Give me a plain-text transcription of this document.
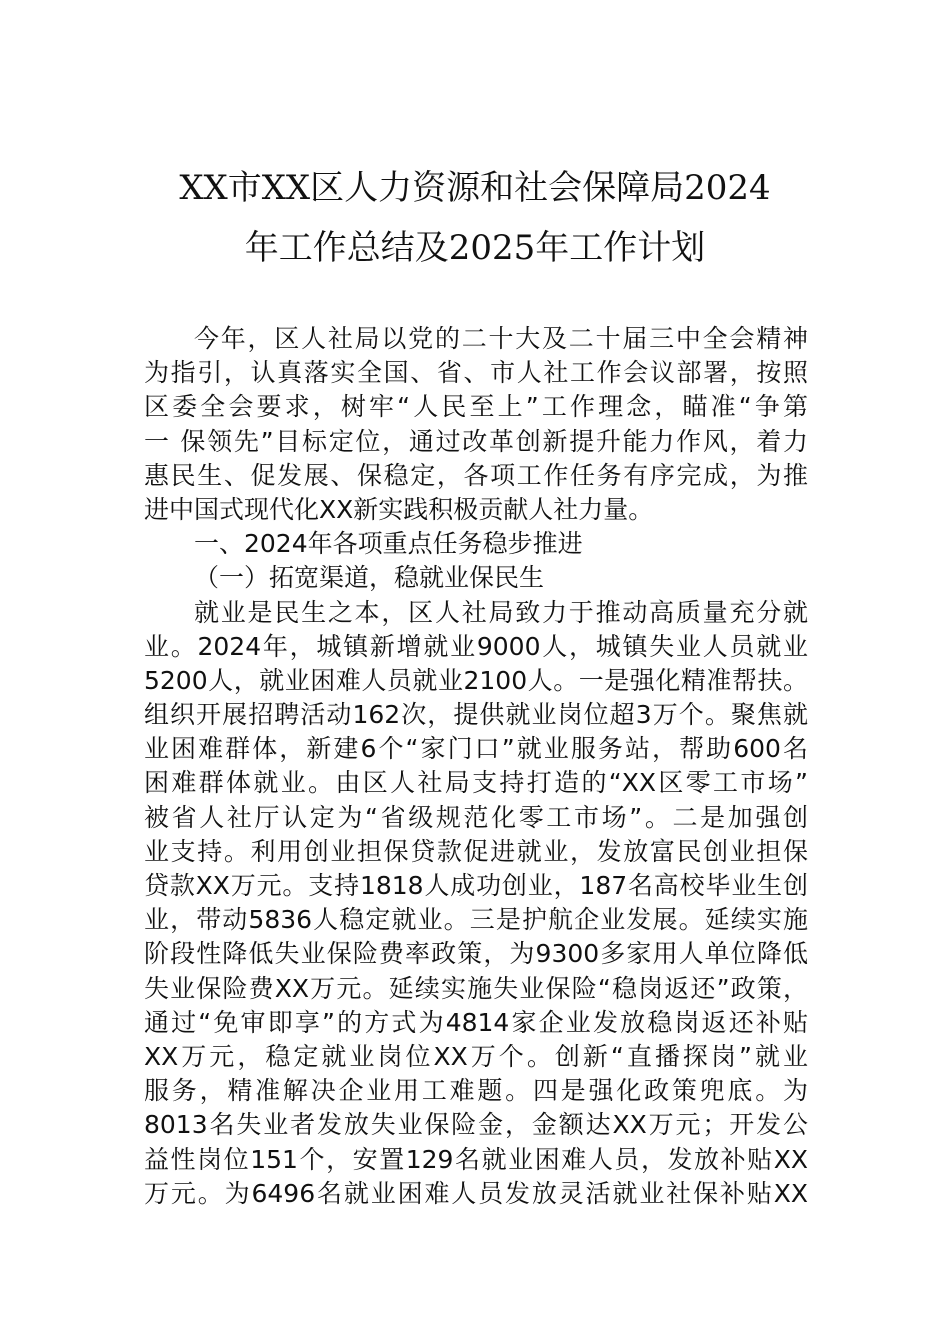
XX市XX区人力资源和社会保障局2024
年工作总结及2025年工作计划
今年，区人社局以党的二十大及二十届三中全会精神
为指引，认真落实全国、省、市人社工作会议部署，按照
区委全会要求，树牢“人民至上”工作理念，瞄准“争第
一 保领先”目标定位，通过改革创新提升能力作风，着力
惠民生、促发展、保稳定，各项工作任务有序完成，为推
进中国式现代化XX新实践积极贡献人社力量。
一、2024年各项重点任务稳步推进
（一）拓宽渠道，稳就业保民生
就业是民生之本，区人社局致力于推动高质量充分就
业。2024年，城镇新增就业9000人，城镇失业人员就业
5200人，就业困难人员就业2100人。一是强化精准帮扶。
组织开展招聘活动162次，提供就业岗位超3万个。聚焦就
业困难群体，新建6个“家门口”就业服务站，帮助600名
困难群体就业。由区人社局支持打造的“XX区零工市场”
被省人社厅认定为“省级规范化零工市场”。二是加强创
业支持。利用创业担保贷款促进就业，发放富民创业担保
贷款XX万元。支持1818人成功创业，187名高校毕业生创
业，带动5836人稳定就业。三是护航企业发展。延续实施
阶段性降低失业保险费率政策，为9300多家用人单位降低
失业保险费XX万元。延续实施失业保险“稳岗返还”政策，
通过“免审即享”的方式为4814家企业发放稳岗返还补贴
XX万元，稳定就业岗位XX万个。创新“直播探岗”就业
服务，精准解决企业用工难题。四是强化政策兜底。为
8013名失业者发放失业保险金，金额达XX万元；开发公
益性岗位151个，安置129名就业困难人员，发放补贴XX
万元。为6496名就业困难人员发放灵活就业社保补贴XX
